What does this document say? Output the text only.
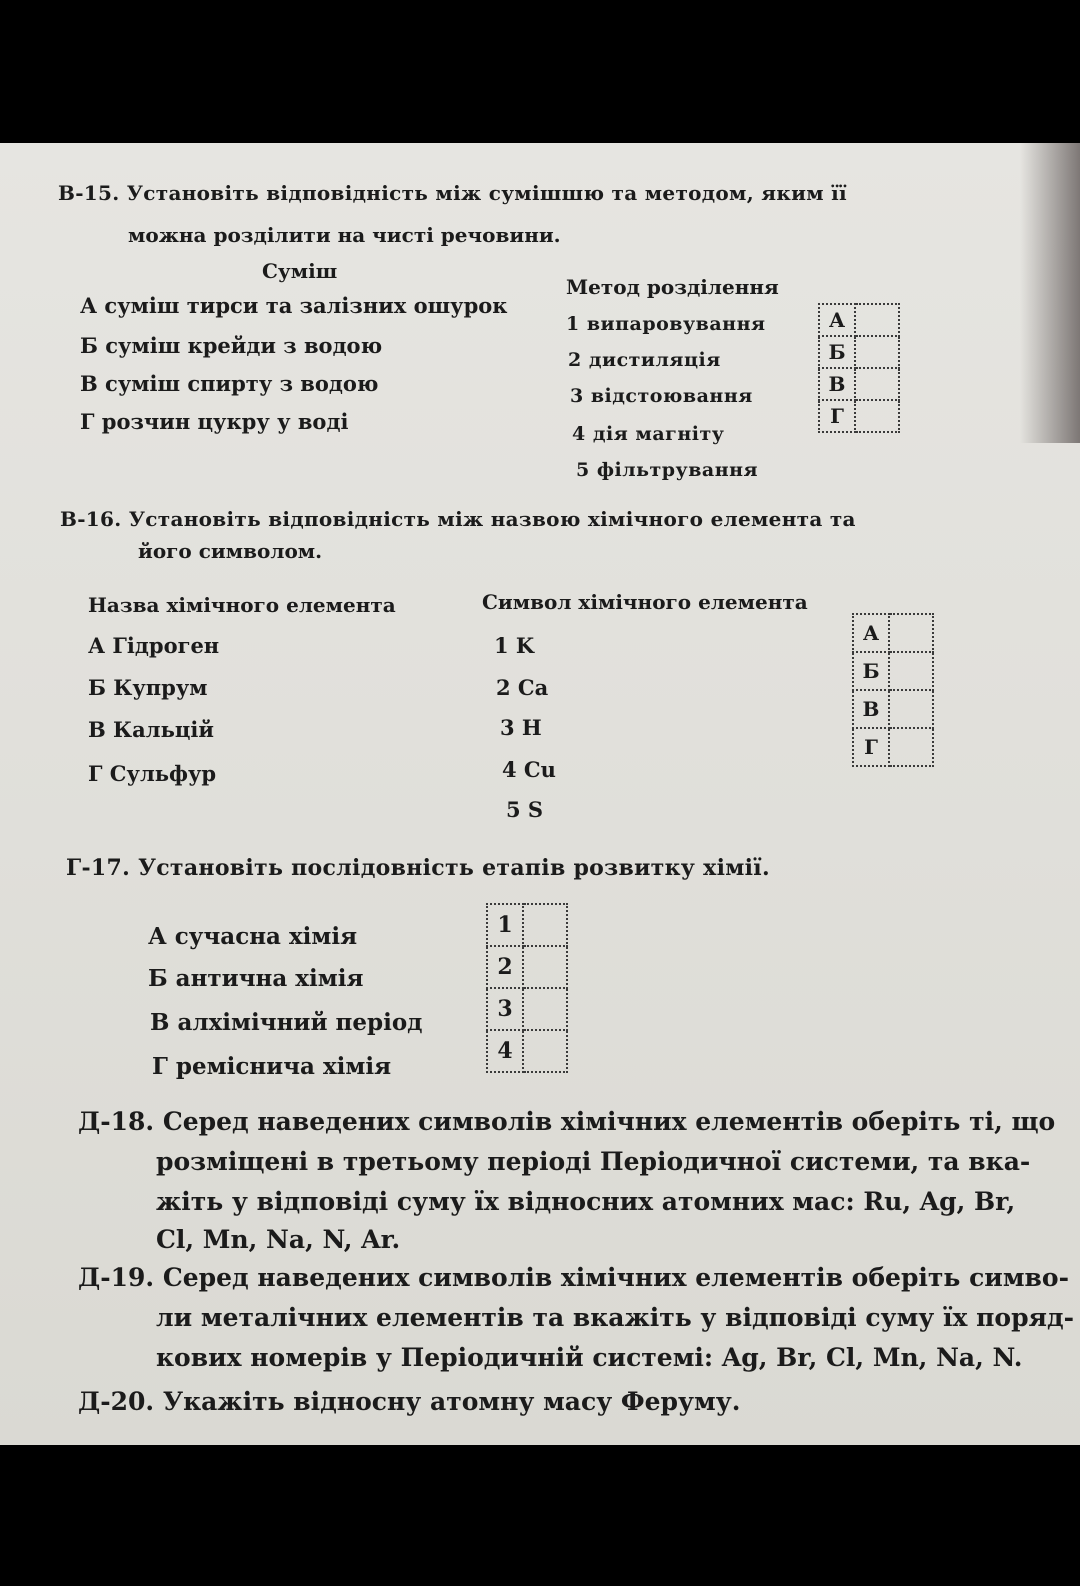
В-15. Установіть відповідність між сумішшю та методом, яким її
можна розділити на чисті речовини.
Суміш
Метод розділення
А суміш тирси та залізних ошурок
Б суміш крейди з водою
В суміш спирту з водою
Г розчин цукру у воді
1 випаровування
2 дистиляція
3 відстоювання
4 дія магніту
5 фільтрування
А	
Б	
В	
Г	
В-16. Установіть відповідність між назвою хімічного елемента та
його символом.
Назва хімічного елемента	Символ хімічного елемента
А Гідроген
Б Купрум
В Кальцій
Г Сульфур
1 K
2 Ca
3 H
4 Cu
5 S
А	
Б	
В	
Г	
Г-17. Установіть послідовність етапів розвитку хімії.
А сучасна хімія
Б антична хімія
В алхімічний період
Г реміснича хімія
1	
2	
3	
4	
Д-18. Серед наведених символів хімічних елементів оберіть ті, що
розміщені в третьому періоді Періодичної системи, та вка-
жіть у відповіді суму їх відносних атомних мас: Ru, Ag, Br,
Cl, Mn, Na, N, Ar.
Д-19. Серед наведених символів хімічних елементів оберіть симво-
ли металічних елементів та вкажіть у відповіді суму їх поряд-
кових номерів у Періодичній системі: Ag, Br, Cl, Mn, Na, N.
Д-20. Укажіть відносну атомну масу Феруму.
